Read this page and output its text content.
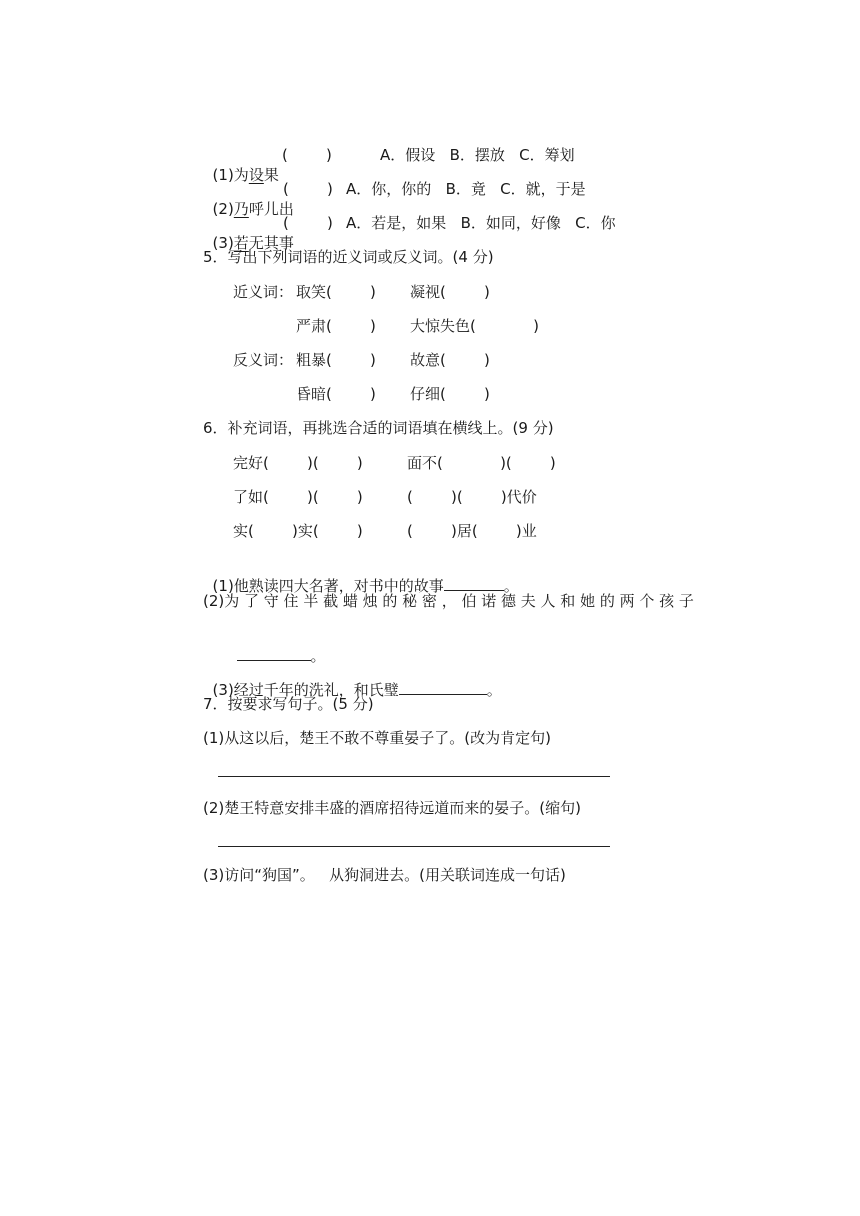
(1)为设果

(        )	A．假设   B．摆放   C．筹划

(2)乃呼儿出

(        ) A．你，你的   B．竟   C．就，于是

(3)若无其事

(        ) A．若是，如果   B．如同，好像   C．你
5．写出下列词语的近义词或反义词。(4 分)
近义词： 取笑(        ) 凝视(        )
严肃(        ) 大惊失色(            )
反义词： 粗暴(        ) 故意(        )
昏暗(        ) 仔细(        )
6．补充词语，再挑选合适的词语填在横线上。(9 分)
完好(        )(        )	面不(            )(        )
了如(        )(        )	(        )(        )代价
实(        )实(        )	(        )居(        )业

(1)他熟读四大名著，对书中的故事	。

(2)为 了 守 住 半 截 蜡 烛 的 秘 密 ， 伯 诺 德 夫 人 和 她 的 两 个 孩 子

。

(3)经过千年的洗礼，和氏璧	。

7．按要求写句子。(5 分)
(1)从这以后，楚王不敢不尊重晏子了。(改为肯定句)
(2)楚王特意安排丰盛的酒席招待远道而来的晏子。(缩句)
(3)访问“狗国”。   从狗洞进去。(用关联词连成一句话)
